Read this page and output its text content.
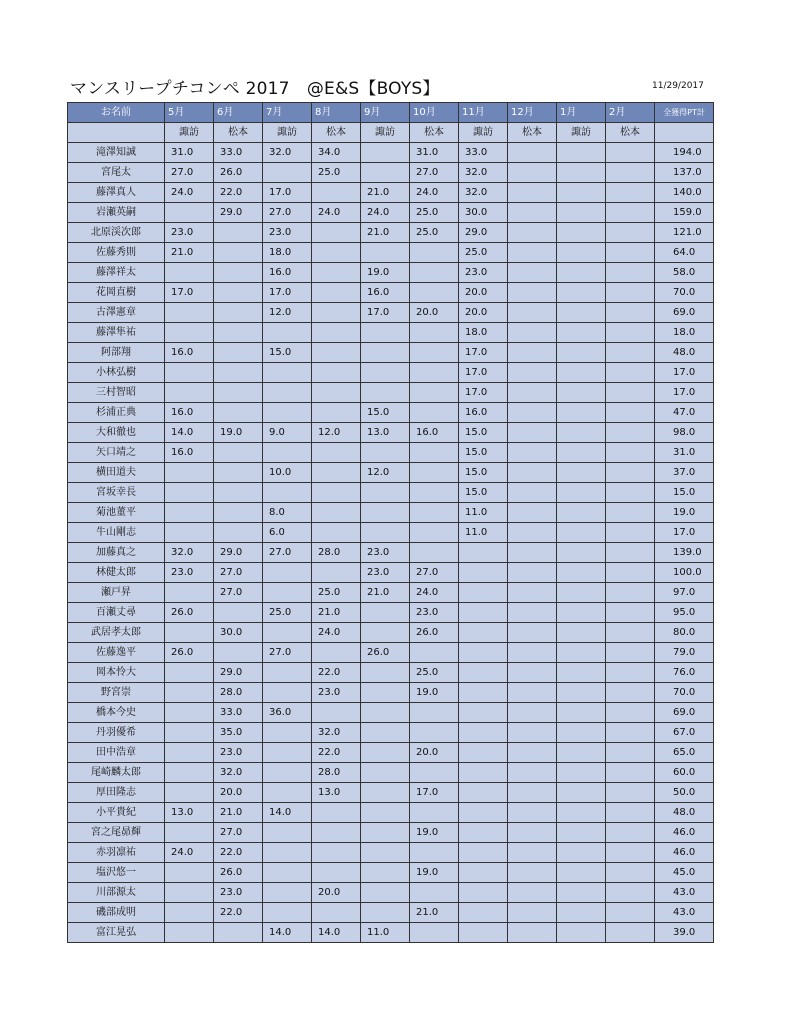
マンスリープチコンペ 2017　@E&S【BOYS】	11/29/2017
お名前	5月	6月	7月	8月	9月	10月	11月	12月	1月	2月	全獲得PT計
	諏訪	松本	諏訪	松本	諏訪	松本	諏訪	松本	諏訪	松本	
滝澤知誠	31.0	33.0	32.0	34.0		31.0	33.0				194.0
宮尾太	27.0	26.0		25.0		27.0	32.0				137.0
藤澤真人	24.0	22.0	17.0		21.0	24.0	32.0				140.0
岩瀬英嗣		29.0	27.0	24.0	24.0	25.0	30.0				159.0
北原渓次郎	23.0		23.0		21.0	25.0	29.0				121.0
佐藤秀則	21.0		18.0				25.0				64.0
藤澤祥太			16.0		19.0		23.0				58.0
花岡直樹	17.0		17.0		16.0		20.0				70.0
古澤憲章			12.0		17.0	20.0	20.0				69.0
藤澤隼祐							18.0				18.0
阿部翔	16.0		15.0				17.0				48.0
小林弘樹							17.0				17.0
三村智昭							17.0				17.0
杉浦正典	16.0				15.0		16.0				47.0
大和徹也	14.0	19.0	9.0	12.0	13.0	16.0	15.0				98.0
矢口靖之	16.0						15.0				31.0
横田道夫			10.0		12.0		15.0				37.0
宮坂幸長							15.0				15.0
菊池董平			8.0				11.0				19.0
牛山剛志			6.0				11.0				17.0
加藤真之	32.0	29.0	27.0	28.0	23.0						139.0
林健太郎	23.0	27.0			23.0	27.0					100.0
瀬戸昇		27.0		25.0	21.0	24.0					97.0
百瀬丈尋	26.0		25.0	21.0		23.0					95.0
武居孝太郎		30.0		24.0		26.0					80.0
佐藤逸平	26.0		27.0		26.0						79.0
岡本怜大		29.0		22.0		25.0					76.0
野宮崇		28.0		23.0		19.0					70.0
橋本今史		33.0	36.0								69.0
丹羽優希		35.0		32.0							67.0
田中浩章		23.0		22.0		20.0					65.0
尾崎麟太郎		32.0		28.0							60.0
厚田隆志		20.0		13.0		17.0					50.0
小平貴紀	13.0	21.0	14.0								48.0
宮之尾昴輝		27.0				19.0					46.0
赤羽凛祐	24.0	22.0									46.0
塩沢悠一		26.0				19.0					45.0
川部源太		23.0		20.0							43.0
磯部成明		22.0				21.0					43.0
富江晃弘			14.0	14.0	11.0						39.0
